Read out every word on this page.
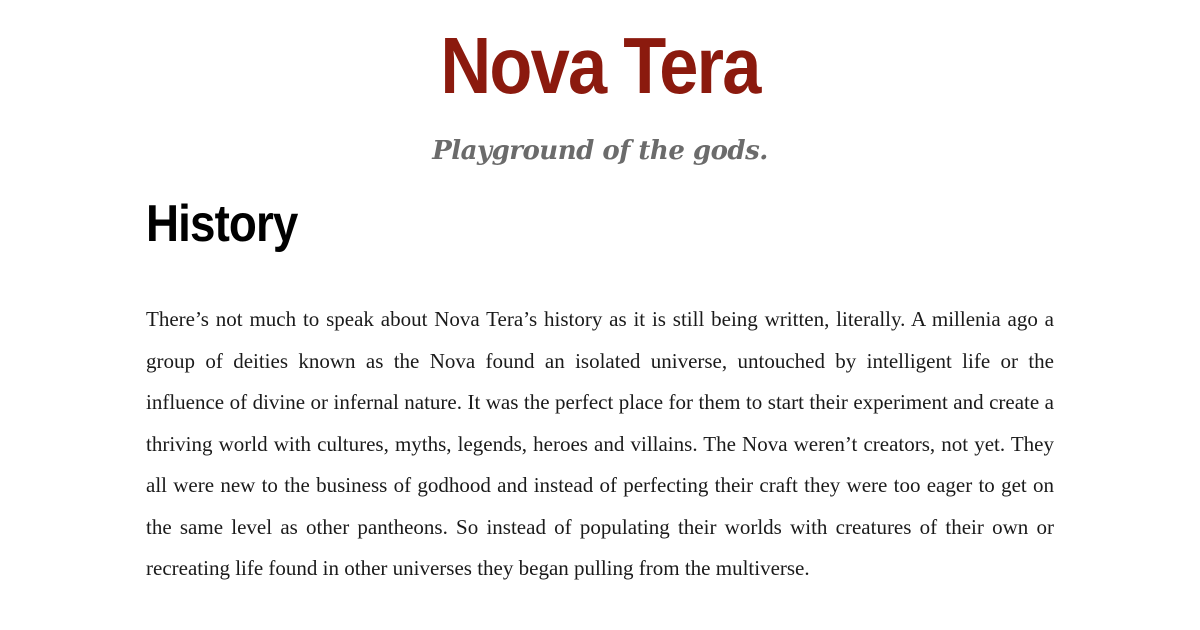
Nova Tera
Playground of the gods.
History

There’s not much to speak about Nova Tera’s history as it is still being written, literally. A millenia ago a group of deities known as the Nova found an isolated universe, untouched by intelligent life or the influence of divine or infernal nature. It was the perfect place for them to start their experiment and create a thriving world with cultures, myths, legends, heroes and villains. The Nova weren’t creators, not yet. They all were new to the business of godhood and instead of perfecting their craft they were too eager to get on the same level as other pantheons. So instead of populating their worlds with creatures of their own or recreating life found in other universes they began pulling from the multiverse.
